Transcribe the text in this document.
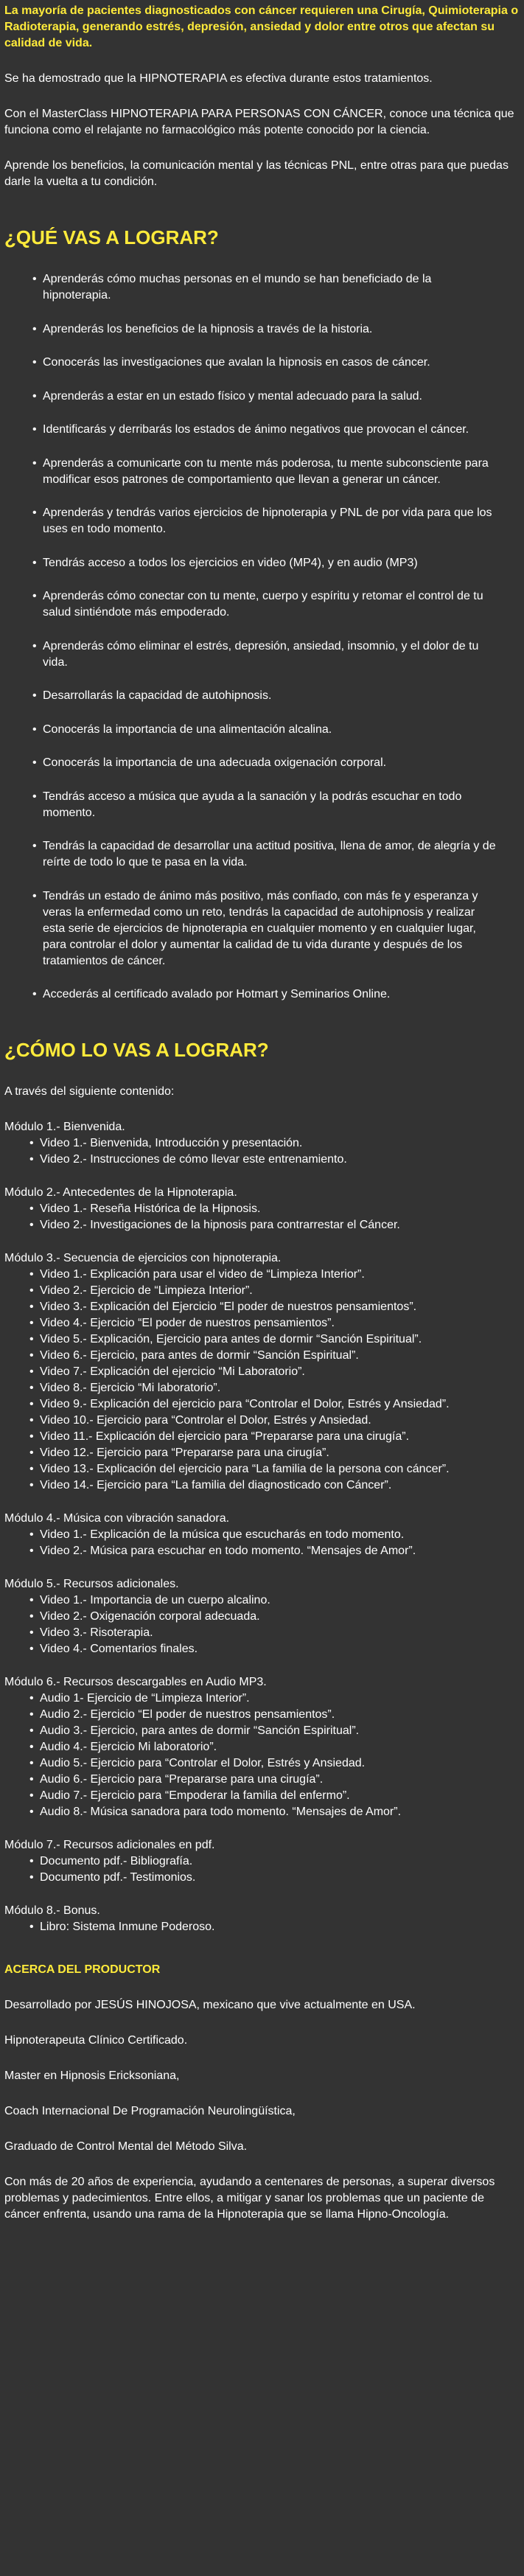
La mayoría de pacientes diagnosticados con cáncer requieren una Cirugía, Quimioterapia o Radioterapia, generando estrés, depresión, ansiedad y dolor entre otros que afectan su calidad de vida.

Se ha demostrado que la HIPNOTERAPIA es efectiva durante estos tratamientos.

Con el MasterClass HIPNOTERAPIA PARA PERSONAS CON CÁNCER, conoce una técnica que funciona como el relajante no farmacológico más potente conocido por la ciencia.

Aprende los beneficios, la comunicación mental y las técnicas PNL, entre otras para que puedas darle la vuelta a tu condición.

¿QUÉ VAS A LOGRAR?
• Aprenderás cómo muchas personas en el mundo se han beneficiado de la hipnoterapia.
• Aprenderás los beneficios de la hipnosis a través de la historia.
• Conocerás las investigaciones que avalan la hipnosis en casos de cáncer.
• Aprenderás a estar en un estado físico y mental adecuado para la salud.
• Identificarás y derribarás los estados de ánimo negativos que provocan el cáncer.
• Aprenderás a comunicarte con tu mente más poderosa, tu mente subconsciente para modificar esos patrones de comportamiento que llevan a generar un cáncer.
• Aprenderás y tendrás varios ejercicios de hipnoterapia y PNL de por vida para que los uses en todo momento.
• Tendrás acceso a todos los ejercicios en video (MP4), y en audio (MP3)
• Aprenderás cómo conectar con tu mente, cuerpo y espíritu y retomar el control de tu salud sintiéndote más empoderado.
• Aprenderás cómo eliminar el estrés, depresión, ansiedad, insomnio, y el dolor de tu vida.
• Desarrollarás la capacidad de autohipnosis.
• Conocerás la importancia de una alimentación alcalina.
• Conocerás la importancia de una adecuada oxigenación corporal.
• Tendrás acceso a música que ayuda a la sanación y la podrás escuchar en todo momento.
• Tendrás la capacidad de desarrollar una actitud positiva, llena de amor, de alegría y de reírte de todo lo que te pasa en la vida.
• Tendrás un estado de ánimo más positivo, más confiado, con más fe y esperanza y veras la enfermedad como un reto, tendrás la capacidad de autohipnosis y realizar esta serie de ejercicios de hipnoterapia en cualquier momento y en cualquier lugar, para controlar el dolor y aumentar la calidad de tu vida durante y después de los tratamientos de cáncer.
• Accederás al certificado avalado por Hotmart y Seminarios Online.
¿CÓMO LO VAS A LOGRAR?

A través del siguiente contenido:

Módulo 1.- Bienvenida.

• Video 1.- Bienvenida, Introducción y presentación.
• Video 2.- Instrucciones de cómo llevar este entrenamiento.

Módulo 2.- Antecedentes de la Hipnoterapia.

• Video 1.- Reseña Histórica de la Hipnosis.
• Video 2.- Investigaciones de la hipnosis para contrarrestar el Cáncer.

Módulo 3.- Secuencia de ejercicios con hipnoterapia.

• Video 1.- Explicación para usar el video de “Limpieza Interior”.
• Video 2.- Ejercicio de “Limpieza Interior”.
• Video 3.- Explicación del Ejercicio “El poder de nuestros pensamientos”.
• Video 4.- Ejercicio “El poder de nuestros pensamientos”.
• Video 5.- Explicación, Ejercicio para antes de dormir “Sanción Espiritual”.
• Video 6.- Ejercicio, para antes de dormir “Sanción Espiritual”.
• Video 7.- Explicación del ejercicio “Mi Laboratorio”.
• Video 8.- Ejercicio “Mi laboratorio”.
• Video 9.- Explicación del ejercicio para “Controlar el Dolor, Estrés y Ansiedad”.
• Video 10.- Ejercicio para “Controlar el Dolor, Estrés y Ansiedad.
• Video 11.- Explicación del ejercicio para “Prepararse para una cirugía”.
• Video 12.- Ejercicio para “Prepararse para una cirugía”.
• Video 13.- Explicación del ejercicio para “La familia de la persona con cáncer”.
• Video 14.- Ejercicio para “La familia del diagnosticado con Cáncer”.

Módulo 4.- Música con vibración sanadora.

• Video 1.- Explicación de la música que escucharás en todo momento.
• Video 2.- Música para escuchar en todo momento. “Mensajes de Amor”.

Módulo 5.- Recursos adicionales.

• Video 1.- Importancia de un cuerpo alcalino.
• Video 2.- Oxigenación corporal adecuada.
• Video 3.- Risoterapia.
• Video 4.- Comentarios finales.

Módulo 6.- Recursos descargables en Audio MP3.

• Audio 1- Ejercicio de “Limpieza Interior”.
• Audio 2.- Ejercicio “El poder de nuestros pensamientos”.
• Audio 3.- Ejercicio, para antes de dormir “Sanción Espiritual”.
• Audio 4.- Ejercicio Mi laboratorio”.
• Audio 5.- Ejercicio para “Controlar el Dolor, Estrés y Ansiedad.
• Audio 6.- Ejercicio para “Prepararse para una cirugía”.
• Audio 7.- Ejercicio para “Empoderar la familia del enfermo”.
• Audio 8.- Música sanadora para todo momento. “Mensajes de Amor”.

Módulo 7.- Recursos adicionales en pdf.

• Documento pdf.- Bibliografía.
• Documento pdf.- Testimonios.

Módulo 8.- Bonus.

• Libro: Sistema Inmune Poderoso.
ACERCA DEL PRODUCTOR

Desarrollado por JESÚS HINOJOSA, mexicano que vive actualmente en USA.

Hipnoterapeuta Clínico Certificado.

Master en Hipnosis Ericksoniana,

Coach Internacional De Programación Neurolingüística,

Graduado de Control Mental del Método Silva.

Con más de 20 años de experiencia, ayudando a centenares de personas, a superar diversos problemas y padecimientos. Entre ellos, a mitigar y sanar los problemas que un paciente de cáncer enfrenta, usando una rama de la Hipnoterapia que se llama Hipno-Oncología.
